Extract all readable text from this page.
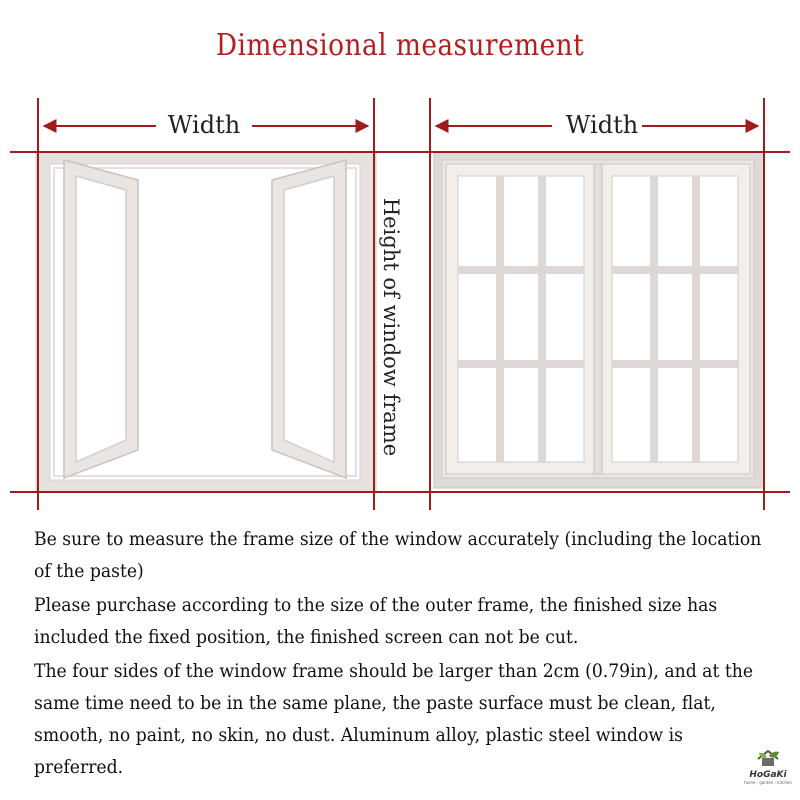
Dimensional measurement
Width	Width
Height of window frame

Be sure to measure the frame size of the window accurately (including the location of the paste)

Please purchase according to the size of the outer frame, the finished size has included the fixed position, the finished screen can not be cut.

The four sides of the window frame should be larger than 2cm (0.79in), and at the same time need to be in the same plane, the paste surface must be clean, flat, smooth, no paint, no skin, no dust. Aluminum alloy, plastic steel window is preferred.	HoGaKi
home · garden · kitchen
